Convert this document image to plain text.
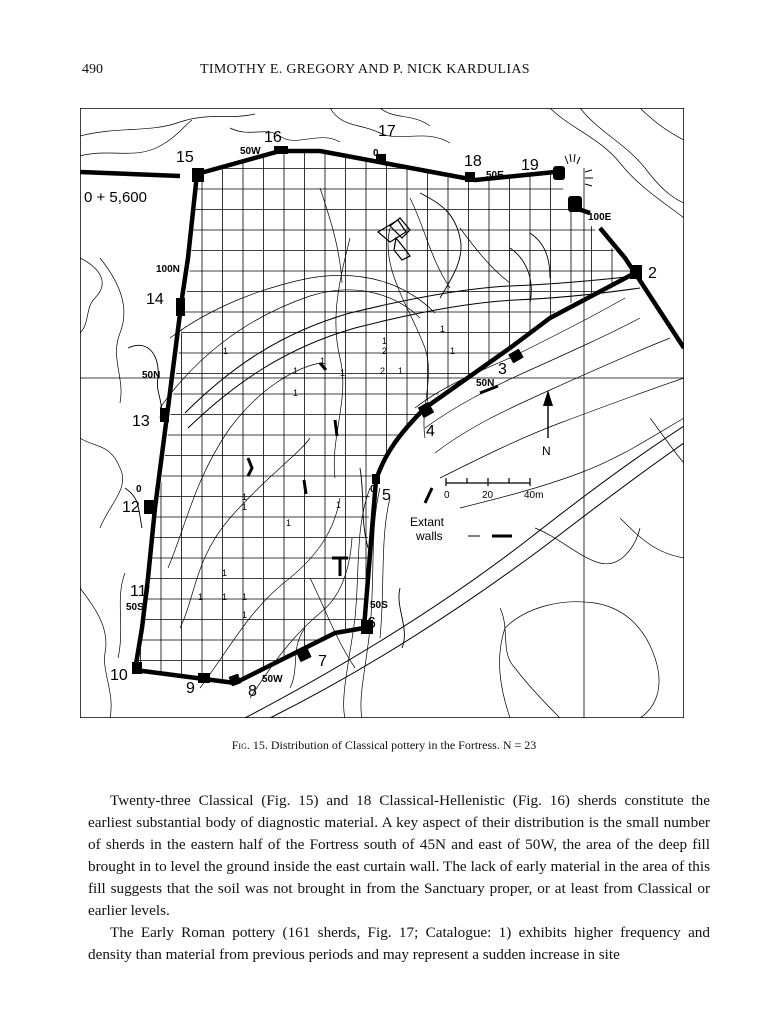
490	TIMOTHY E. GREGORY AND P. NICK KARDULIAS
15
16	17
18 19
2
3
4
5
6
7
8
9
10
11
12
13
14
50W	0
50E
100E
100N
50N
50N
0	0
50S	50S
50W
0 + 5,600
1
1
1
1
1
2
2 1
1
1
1
1
1
1
1
1 1 1
1
1
N
0	20	40m
Extant
walls
Fig. 15. Distribution of Classical pottery in the Fortress. N = 23

Twenty-three Classical (Fig. 15) and 18 Classical-Hellenistic (Fig. 16) sherds constitute the earliest substantial body of diagnostic material. A key aspect of their distribution is the small number of sherds in the eastern half of the Fortress south of 45N and east of 50W, the area of the deep fill brought in to level the ground inside the east curtain wall. The lack of early material in the area of this fill suggests that the soil was not brought in from the Sanctuary proper, or at least from Classical or earlier levels.

The Early Roman pottery (161 sherds, Fig. 17; Catalogue: 1) exhibits higher frequency and density than material from previous periods and may represent a sudden increase in site
